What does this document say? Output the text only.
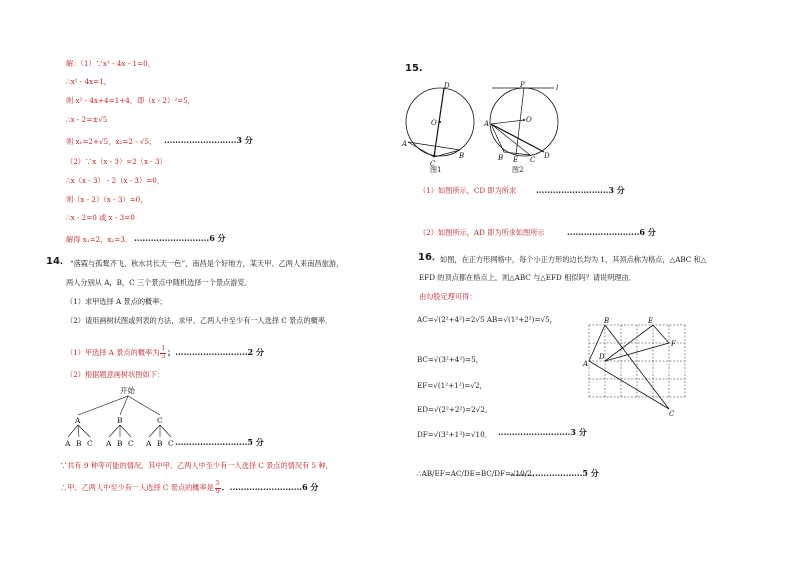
解：（1）∵x² - 4x - 1=0，
∴x² - 4x=1，
则 x² - 4x+4=1+4，即（x - 2）²=5，
∴x - 2=±√5
则 x₁=2+√5，x₂=2 - √5； ..........................3 分
（2）∵x（x - 3）=2（x - 3）
∴x（x - 3） - 2（x - 3）=0，
则（x - 2）（x - 3）=0，
∴x - 2=0 或 x - 3=0
解得 x₁=2，x₂=3． ...........................6 分
14． “落霞与孤鹜齐飞，秋水共长天一色”，南昌是个好地方，某天甲、乙两人来南昌旅游，
两人分别从 A，B，C 三个景点中随机选择一个景点游览．
（1）求甲选择 A 景点的概率；
（2）请用画树状图或列表的方法，求甲、乙两人中至少有一人选择 C 景点的概率．
（1）甲选择 A 景点的概率为 $\frac{1}{3}$ ；..........................2 分
（2）根据题意画树状图如下：
开始
A	B	C
A B C A B C A B C ..........................5 分
∵共有 9 种等可能的情况，其中甲、乙两人中至少有一人选择 C 景点的情况有 5 种，
∴甲、乙两人中至少有一人选择 C 景点的概率是 $\frac{5}{9}$ ．..........................6 分
15.
D
O
A
C
B
图1
P	l
A	O
B E C D
图2
（1）如图所示，CD 即为所求 ..........................3 分
（2）如图所示，AD 即为所求如图所示	..........................6 分
16．
如图，在正方形网格中，每个小正方形的边长均为 1，其顶点称为格点，△ABC 和△
EFD 的顶点都在格点上，则△ABC 与△EFD 相似吗？请说明理由．
由勾股定理可得：
AC=√(2²+4²)=2√5 AB=√(1²+2²)=√5，
BC=√(3²+4²)=5，
EF=√(1²+1²)=√2，
ED=√(2²+2²)=2√2，
DF=√(3²+1²)=√10． ..........................3 分
∴AB/EF=AC/DE=BC/DF=√10/2．
..........................5 分
B	E
F
A
D
C
